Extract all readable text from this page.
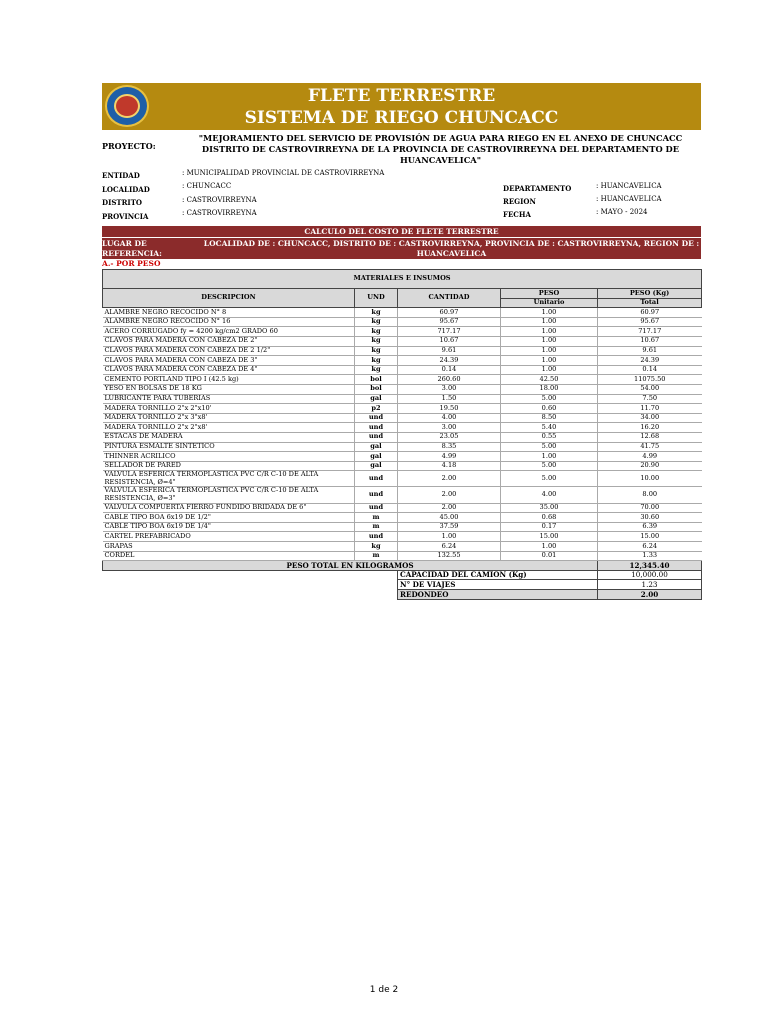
FLETE TERRESTRE
SISTEMA DE RIEGO CHUNCACC
PROYECTO:
"MEJORAMIENTO DEL SERVICIO DE PROVISIÓN DE AGUA PARA RIEGO EN EL ANEXO DE CHUNCACC DISTRITO DE CASTROVIRREYNA DE LA PROVINCIA DE CASTROVIRREYNA DEL DEPARTAMENTO DE HUANCAVELICA"
ENTIDAD	: MUNICIPALIDAD PROVINCIAL DE CASTROVIRREYNA
LOCALIDAD	: CHUNCACC
DISTRITO	: CASTROVIRREYNA
PROVINCIA	: CASTROVIRREYNA
DEPARTAMENTO	: HUANCAVELICA
REGION	: HUANCAVELICA
FECHA	: MAYO - 2024
CALCULO DEL COSTO DE FLETE TERRESTRE
LUGAR DE REFERENCIA:
LOCALIDAD DE : CHUNCACC, DISTRITO DE : CASTROVIRREYNA, PROVINCIA DE : CASTROVIRREYNA, REGION DE : HUANCAVELICA
A.- POR PESO
MATERIALES E INSUMOS				
DESCRIPCION	UND	CANTIDAD	PESO	PESO (Kg)
			Unitario	Total
ALAMBRE NEGRO RECOCIDO N° 8	kg	60.97	1.00	60.97
ALAMBRE NEGRO RECOCIDO N° 16	kg	95.67	1.00	95.67
ACERO CORRUGADO fy = 4200 kg/cm2 GRADO 60	kg	717.17	1.00	717.17
CLAVOS PARA MADERA CON CABEZA DE 2"	kg	10.67	1.00	10.67
CLAVOS PARA MADERA CON CABEZA DE 2 1/2"	kg	9.61	1.00	9.61
CLAVOS PARA MADERA CON CABEZA DE 3"	kg	24.39	1.00	24.39
CLAVOS PARA MADERA CON CABEZA DE 4"	kg	0.14	1.00	0.14
CEMENTO PORTLAND TIPO I (42.5 kg)	bol	260.60	42.50	11075.50
YESO EN BOLSAS DE 18 KG	bol	3.00	18.00	54.00
LUBRICANTE PARA TUBERIAS	gal	1.50	5.00	7.50
MADERA TORNILLO 2"x 2"x10'	p2	19.50	0.60	11.70
MADERA TORNILLO 2"x 3"x8'	und	4.00	8.50	34.00
MADERA TORNILLO 2"x 2"x8'	und	3.00	5.40	16.20
ESTACAS DE MADERA	und	23.05	0.55	12.68
PINTURA ESMALTE SINTETICO	gal	8.35	5.00	41.75
THINNER ACRILICO	gal	4.99	1.00	4.99
SELLADOR DE PARED	gal	4.18	5.00	20.90
VALVULA ESFERICA TERMOPLASTICA PVC C/R C-10 DE ALTA RESISTENCIA, Ø=4"	und	2.00	5.00	10.00
VALVULA ESFERICA TERMOPLASTICA PVC C/R C-10 DE ALTA RESISTENCIA, Ø=3"	und	2.00	4.00	8.00
VALVULA COMPUERTA FIERRO FUNDIDO BRIDADA DE 6"	und	2.00	35.00	70.00
CABLE TIPO BOA 6x19 DE 1/2"	m	45.00	0.68	30.60
CABLE TIPO BOA 6x19 DE 1/4"	m	37.59	0.17	6.39
CARTEL PREFABRICADO	und	1.00	15.00	15.00
GRAPAS	kg	6.24	1.00	6.24
CORDEL	m	132.55	0.01	1.33
PESO TOTAL EN KILOGRAMOS				12,345.40
		CAPACIDAD DEL CAMION (Kg)		10,000.00
		N° DE VIAJES		1.23
		REDONDEO		2.00
1 de 2
